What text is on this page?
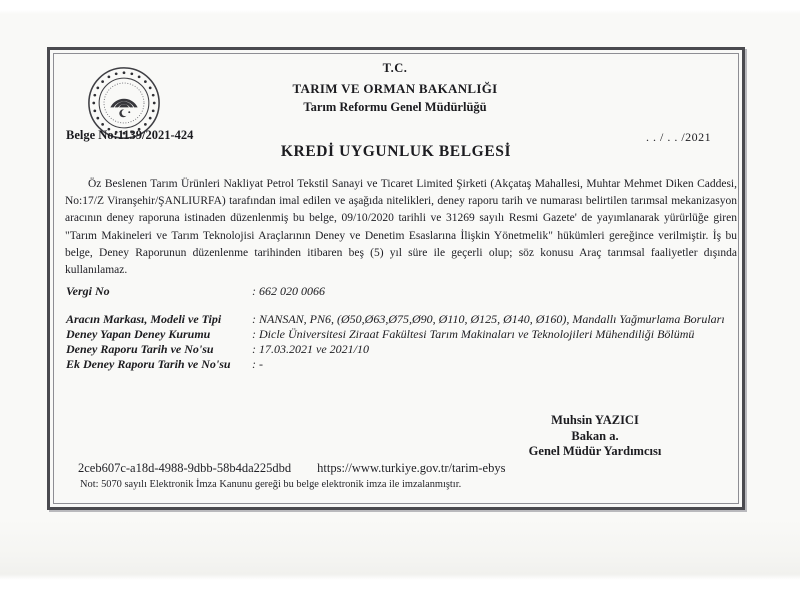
T.C.
TARIM VE ORMAN BAKANLIĞI
Tarım Reformu Genel Müdürlüğü
Belge No:1139/2021-424	. . / . . /2021
KREDİ UYGUNLUK BELGESİ

Öz Beslenen Tarım Ürünleri Nakliyat Petrol Tekstil Sanayi ve Ticaret Limited Şirketi (Akçataş Mahallesi, Muhtar Mehmet Diken Caddesi, No:17/Z Viranşehir/ŞANLIURFA) tarafından imal edilen ve aşağıda nitelikleri, deney raporu tarih ve numarası belirtilen tarımsal mekanizasyon aracının deney raporuna istinaden düzenlenmiş bu belge, 09/10/2020 tarihli ve 31269 sayılı Resmi Gazete' de yayımlanarak yürürlüğe giren "Tarım Makineleri ve Tarım Teknolojisi Araçlarının Deney ve Denetim Esaslarına İlişkin Yönetmelik" hükümleri gereğince verilmiştir. İş bu belge, Deney Raporunun düzenlenme tarihinden itibaren beş (5) yıl süre ile geçerli olup; söz konusu Araç tarımsal faaliyetler dışında kullanılamaz.

Vergi No	: 662 020 0066
Aracın Markası, Modeli ve Tipi	: NANSAN, PN6, (Ø50,Ø63,Ø75,Ø90, Ø110, Ø125, Ø140, Ø160), Mandallı Yağmurlama Boruları
Deney Yapan Deney Kurumu	: Dicle Üniversitesi Ziraat Fakültesi Tarım Makinaları ve Teknolojileri Mühendiliği Bölümü
Deney Raporu Tarih ve No'su	: 17.03.2021 ve 2021/10
Ek Deney Raporu Tarih ve No'su : -
Muhsin YAZICI
Bakan a.
Genel Müdür Yardımcısı
2ceb607c-a18d-4988-9dbb-58b4da225dbd https://www.turkiye.gov.tr/tarim-ebys
Not: 5070 sayılı Elektronik İmza Kanunu gereği bu belge elektronik imza ile imzalanmıştır.
